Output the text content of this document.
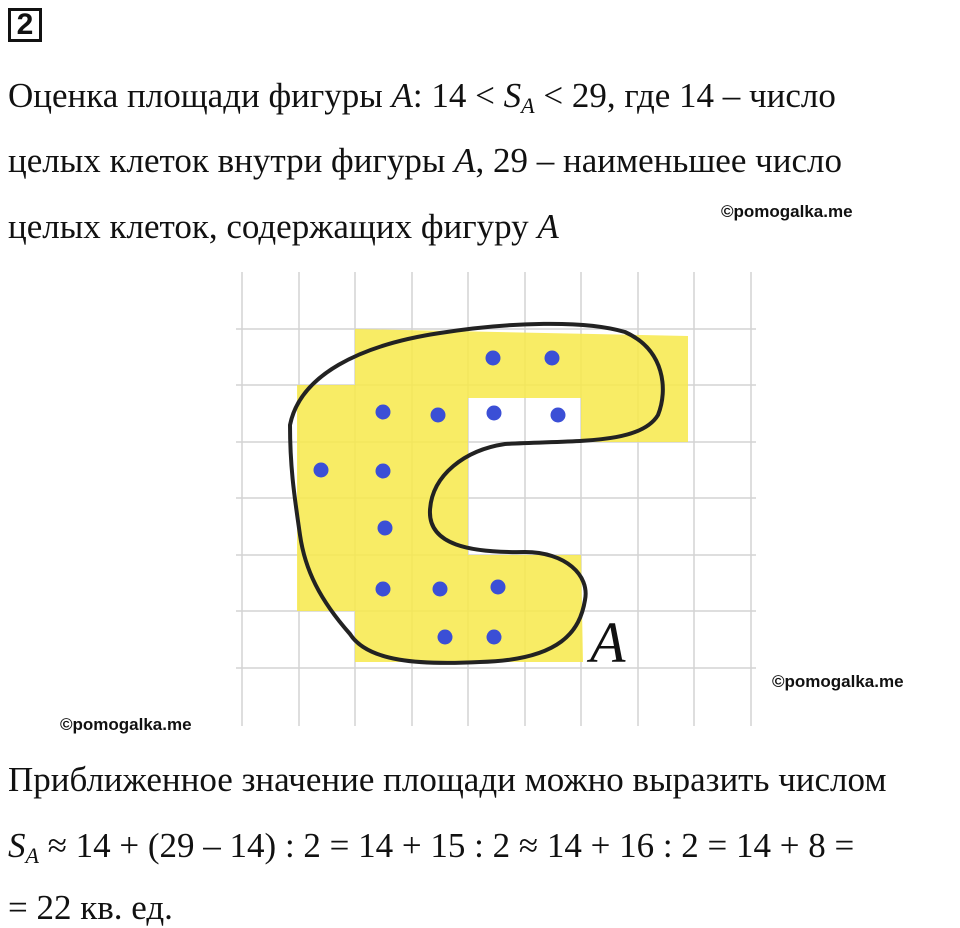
2
Оценка площади фигуры A: $14 < S_A < 29$, где 14 – число
целых клеток внутри фигуры A, 29 – наименьшее число
целых клеток, содержащих фигуру A	©pomogalka.me
A
©pomogalka.me
©pomogalka.me
Приближенное значение площади можно выразить числом
$S_A \approx 14 + (29 - 14)$ : 2 = 14 + 15 : 2 ≈ 14 + 16 : 2 = 14 + 8 =
= 22 кв. ед.
